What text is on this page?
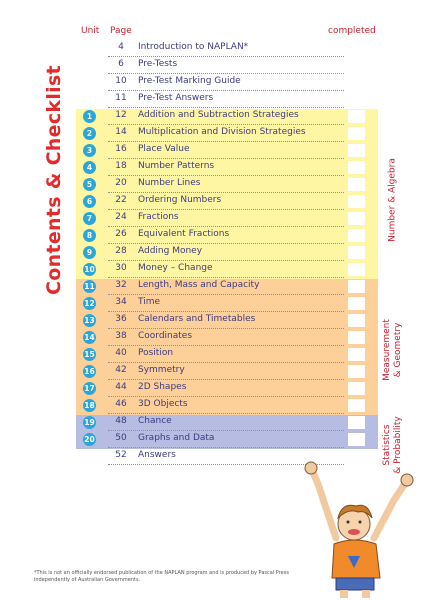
Contents & Checklist
Unit Page	completed
4	Introduction to NAPLAN*
6	Pre-Tests
10	Pre-Test Marking Guide
11	Pre-Test Answers
1	12	Addition and Subtraction Strategies
2	14	Multiplication and Division Strategies
3	16	Place Value
4	18	Number Patterns
5	20	Number Lines
6	22	Ordering Numbers
7	24	Fractions
8	26	Equivalent Fractions
9	28	Adding Money
10	30	Money – Change
11	32	Length, Mass and Capacity
12	34	Time
13	36	Calendars and Timetables
14	38	Coordinates
15	40	Position
16	42	Symmetry
17	44	2D Shapes
18	46	3D Objects
19	48	Chance
20	50	Graphs and Data
52	Answers
Number & Algebra
Measurement & Geometry
Statistics & Probability
*This is not an officially endorsed publication of the NAPLAN program and is produced by Pascal Press
independently of Australian Governments.
